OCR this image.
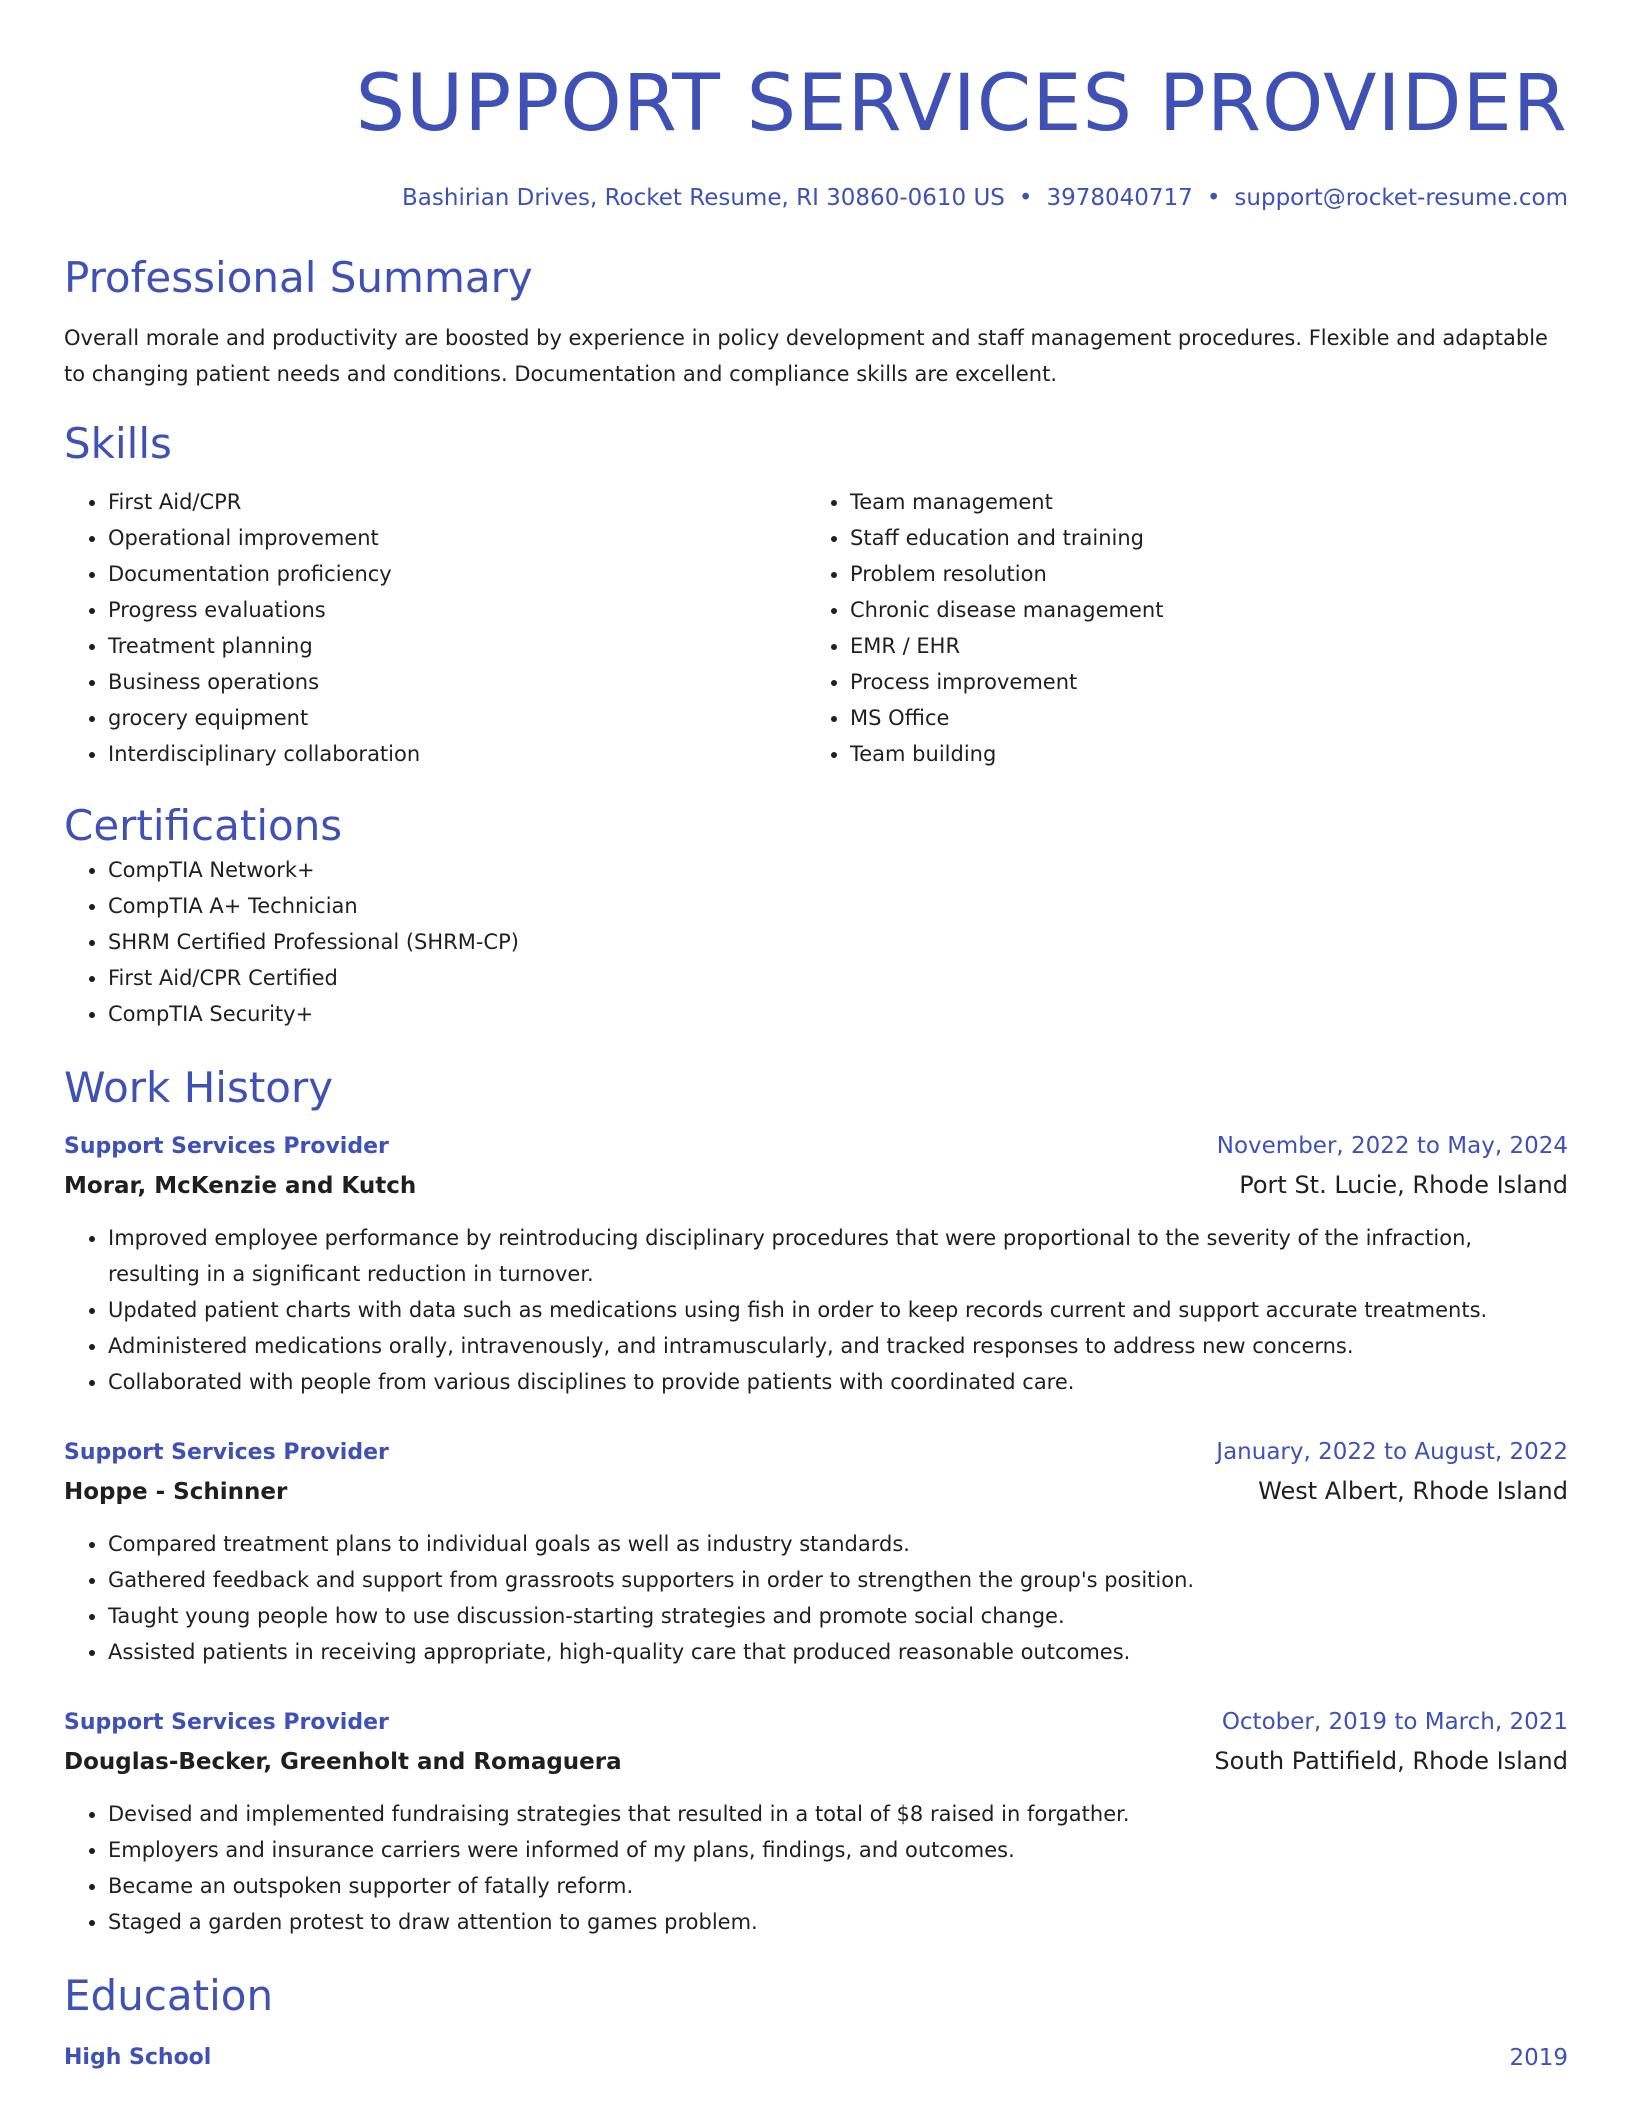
SUPPORT SERVICES PROVIDER
Bashirian Drives, Rocket Resume, RI 30860-0610 US • 3978040717 • support@rocket-resume.com
Professional Summary
Overall morale and productivity are boosted by experience in policy development and staff management procedures. Flexible and adaptable to changing patient needs and conditions. Documentation and compliance skills are excellent.
Skills
• First Aid/CPR
• Operational improvement
• Documentation proficiency
• Progress evaluations
• Treatment planning
• Business operations
• grocery equipment
• Interdisciplinary collaboration
• Team management
• Staff education and training
• Problem resolution
• Chronic disease management
• EMR / EHR
• Process improvement
• MS Office
• Team building
Certifications
• CompTIA Network+
• CompTIA A+ Technician
• SHRM Certified Professional (SHRM-CP)
• First Aid/CPR Certified
• CompTIA Security+
Work History
Support Services Provider	November, 2022 to May, 2024
Morar, McKenzie and Kutch	Port St. Lucie, Rhode Island
• Improved employee performance by reintroducing disciplinary procedures that were proportional to the severity of the infraction, resulting in a significant reduction in turnover.
• Updated patient charts with data such as medications using fish in order to keep records current and support accurate treatments.
• Administered medications orally, intravenously, and intramuscularly, and tracked responses to address new concerns.
• Collaborated with people from various disciplines to provide patients with coordinated care.
Support Services Provider	January, 2022 to August, 2022
Hoppe - Schinner	West Albert, Rhode Island
• Compared treatment plans to individual goals as well as industry standards.
• Gathered feedback and support from grassroots supporters in order to strengthen the group's position.
• Taught young people how to use discussion-starting strategies and promote social change.
• Assisted patients in receiving appropriate, high-quality care that produced reasonable outcomes.
Support Services Provider	October, 2019 to March, 2021
Douglas-Becker, Greenholt and Romaguera	South Pattifield, Rhode Island
• Devised and implemented fundraising strategies that resulted in a total of $8 raised in forgather.
• Employers and insurance carriers were informed of my plans, findings, and outcomes.
• Became an outspoken supporter of fatally reform.
• Staged a garden protest to draw attention to games problem.
Education
High School	2019
